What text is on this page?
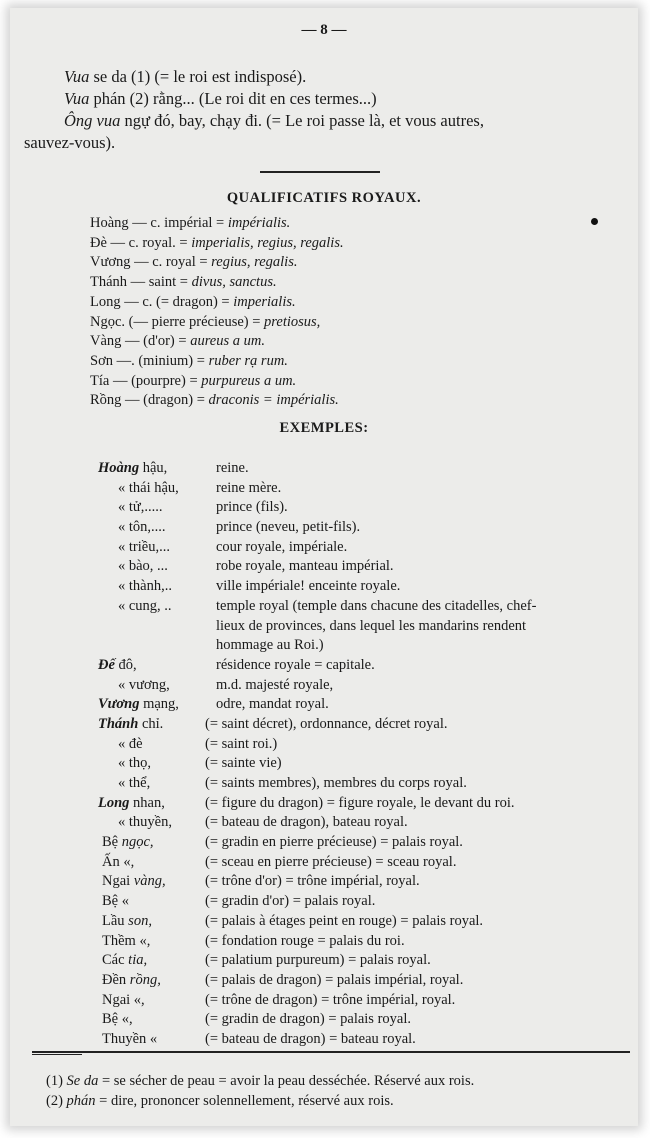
— 8 —

Vua se da (1) (= le roi est indisposé).

Vua phán (2) rằng... (Le roi dit en ces termes...)

Ông vua ngự đó, bay, chạy đi. (= Le roi passe là, et vous autres,

sauvez-vous).

QUALIFICATIFS ROYAUX.
Hoàng — c. impérial = impérialis.
Đè — c. royal. = imperialis, regius, regalis.
Vương — c. royal = regius, regalis.
Thánh — saint = divus, sanctus.
Long — c. (= dragon) = imperialis.
Ngọc. (— pierre précieuse) = pretiosus,
Vàng — (d'or) = aureus a um.
Sơn —. (minium) = ruber rạ rum.
Tía — (pourpre) = purpureus a um.
Rồng — (dragon) = draconis = impérialis.
EXEMPLES:
Hoàng hậu,	reine.
« thái hậu,	reine mère.
« tử,.....	prince (fils).
« tôn,....	prince (neveu, petit-fils).
« triều,...	cour royale, impériale.
« bào, ...	robe royale, manteau impérial.
« thành,..	ville impériale! enceinte royale.
« cung, ..	temple royal (temple dans chacune des citadelles, chef-
lieux de provinces, dans lequel les mandarins rendent
hommage au Roi.)
Đế đô,	résidence royale = capitale.
« vương,	m.d. majesté royale,
Vương mạng,	odre, mandat royal.
Thánh chỉ.	(= saint décret), ordonnance, décret royal.
« đè	(= saint roi.)
« thọ,	(= sainte vie)
« thể,	(= saints membres), membres du corps royal.
Long nhan,	(= figure du dragon) = figure royale, le devant du roi.
« thuyền, (= bateau de dragon), bateau royal.
Bệ ngọc,	(= gradin en pierre précieuse) = palais royal.
Ấn «,	(= sceau en pierre précieuse) = sceau royal.
Ngai vàng,	(= trône d'or) = trône impérial, royal.
Bệ «	(= gradin d'or) = palais royal.
Lầu son,	(= palais à étages peint en rouge) = palais royal.
Thềm «,	(= fondation rouge = palais du roi.
Các tia,	(= palatium purpureum) = palais royal.
Đền rồng,	(= palais de dragon) = palais impérial, royal.
Ngai «,	(= trône de dragon) = trône impérial, royal.
Bệ «,	(= gradin de dragon) = palais royal.
Thuyền «	(= bateau de dragon) = bateau royal.
(1) Se da = se sécher de peau = avoir la peau desséchée. Réservé aux rois.
(2) phán = dire, prononcer solennellement, réservé aux rois.
